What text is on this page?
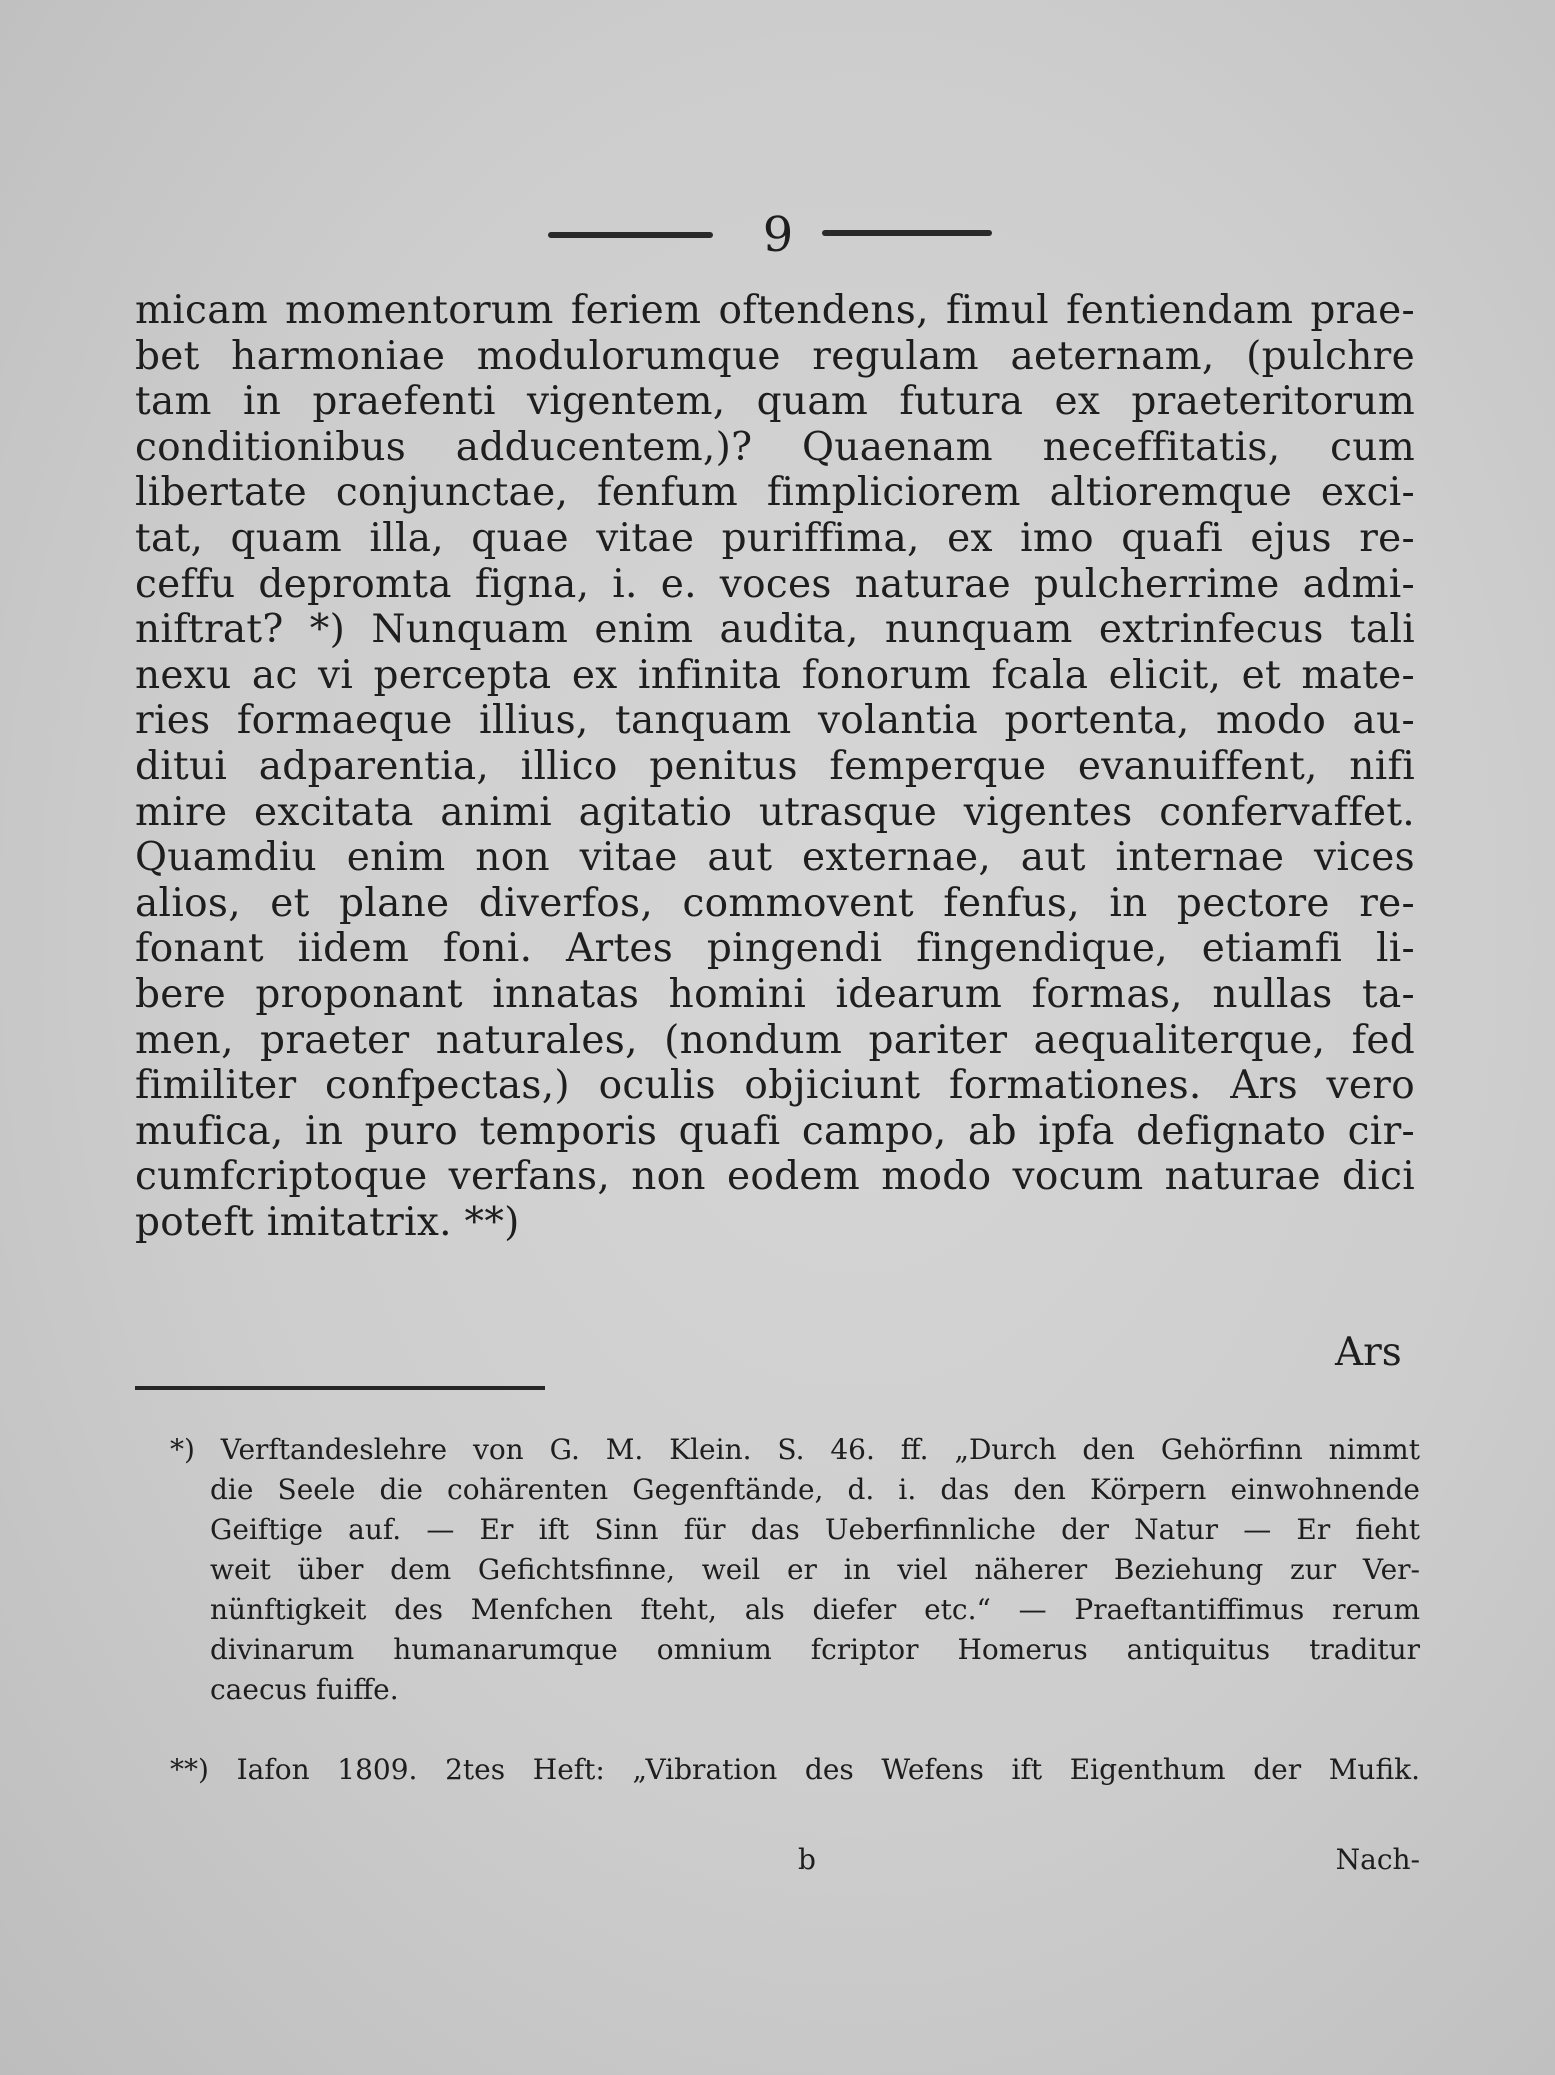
9
micam momentorum feriem oftendens, fimul fentiendam prae-
bet harmoniae modulorumque regulam aeternam, (pulchre
tam in praefenti vigentem, quam futura ex praeteritorum
conditionibus adducentem,)? Quaenam neceffitatis, cum
libertate conjunctae, fenfum fimpliciorem altioremque exci-
tat, quam illa, quae vitae puriffima, ex imo quafi ejus re-
ceffu depromta figna, i. e. voces naturae pulcherrime admi-
niftrat? *) Nunquam enim audita, nunquam extrinfecus tali
nexu ac vi percepta ex infinita fonorum fcala elicit, et mate-
ries formaeque illius, tanquam volantia portenta, modo au-
ditui adparentia, illico penitus femperque evanuiffent, nifi
mire excitata animi agitatio utrasque vigentes confervaffet.
Quamdiu enim non vitae aut externae, aut internae vices
alios, et plane diverfos, commovent fenfus, in pectore re-
fonant iidem foni. Artes pingendi fingendique, etiamfi li-
bere proponant innatas homini idearum formas, nullas ta-
men, praeter naturales, (nondum pariter aequaliterque, fed
fimiliter confpectas,) oculis objiciunt formationes. Ars vero
mufica, in puro temporis quafi campo, ab ipfa defignato cir-
cumfcriptoque verfans, non eodem modo vocum naturae dici
poteft imitatrix. **)
Ars
*) Verftandeslehre von G. M. Klein. S. 46. ff. „Durch den Gehörfinn nimmt
die Seele die cohärenten Gegenftände, d. i. das den Körpern einwohnende
Geiftige auf. — Er ift Sinn für das Ueberfinnliche der Natur — Er fieht
weit über dem Gefichtsfinne, weil er in viel näherer Beziehung zur Ver-
nünftigkeit des Menfchen fteht, als diefer etc.“ — Praeftantiffimus rerum
divinarum humanarumque omnium fcriptor Homerus antiquitus traditur
caecus fuiffe.
**) Iafon 1809. 2tes Heft: „Vibration des Wefens ift Eigenthum der Mufik.
b	Nach-
